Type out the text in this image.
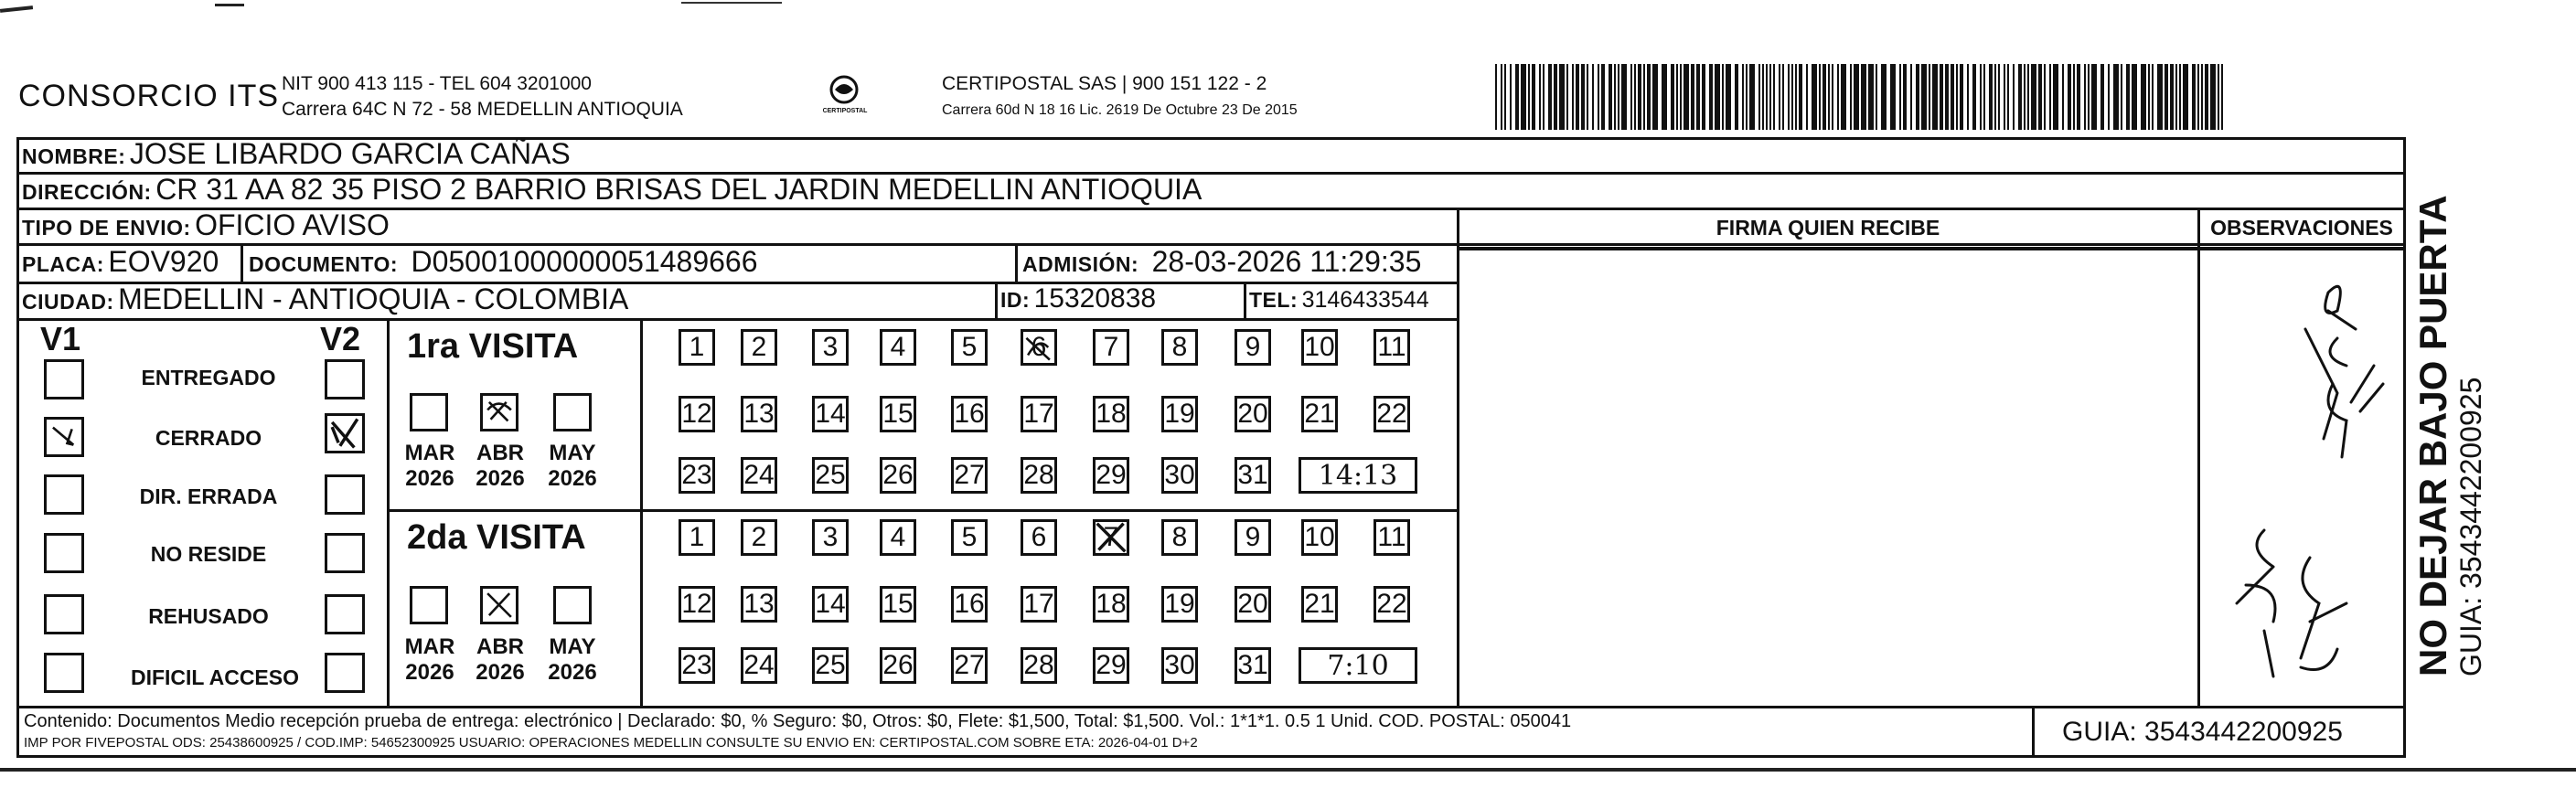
CONSORCIO ITS NIT 900 413 115 - TEL 604 3201000
Carrera 64C N 72 - 58 MEDELLIN ANTIOQUIA	CERTIPOSTAL
CERTIPOSTAL SAS | 900 151 122 - 2
Carrera 60d N 18 16 Lic. 2619 De Octubre 23 De 2015
NOMBRE: JOSE LIBARDO GARCIA CAÑAS
DIRECCIÓN: CR 31 AA 82 35 PISO 2 BARRIO BRISAS DEL JARDIN MEDELLIN ANTIOQUIA
TIPO DE ENVIO: OFICIO AVISO	FIRMA QUIEN RECIBE	OBSERVACIONES
PLACA: EOV920 DOCUMENTO: D05001000000051489666	ADMISIÓN: 28-03-2026 11:29:35
CIUDAD: MEDELLIN - ANTIOQUIA - COLOMBIA	ID: 15320838	TEL: 3146433544
V1	V2
ENTREGADO
CERRADO
DIR. ERRADA
NO RESIDE
REHUSADO
DIFICIL ACCESO
1ra VISITA
MAR
2026
ABR
2026
MAY
2026
1	2	3	4	5	6	7	8	9	10 11
12 13 14 15 16 17 18 19 20 21 22
23 24 25 26 27 28 29 30 31	14:13
2da VISITA
MAR
2026
ABR
2026
MAY
2026
1	2	3	4	5	6	7	8	9	10 11
12 13 14 15 16 17 18 19 20 21 22
23 24 25 26 27 28 29 30 31	7:10	NO DEJAR BAJO PUERTA GUIA: 3543442200925
Contenido: Documentos Medio recepción prueba de entrega: electrónico | Declarado: $0, % Seguro: $0, Otros: $0, Flete: $1,500, Total: $1,500. Vol.: 1*1*1. 0.5 1 Unid. COD. POSTAL: 050041
IMP POR FIVEPOSTAL ODS: 25438600925 / COD.IMP: 54652300925 USUARIO: OPERACIONES MEDELLIN CONSULTE SU ENVIO EN: CERTIPOSTAL.COM SOBRE ETA: 2026-04-01 D+2	GUIA: 3543442200925
